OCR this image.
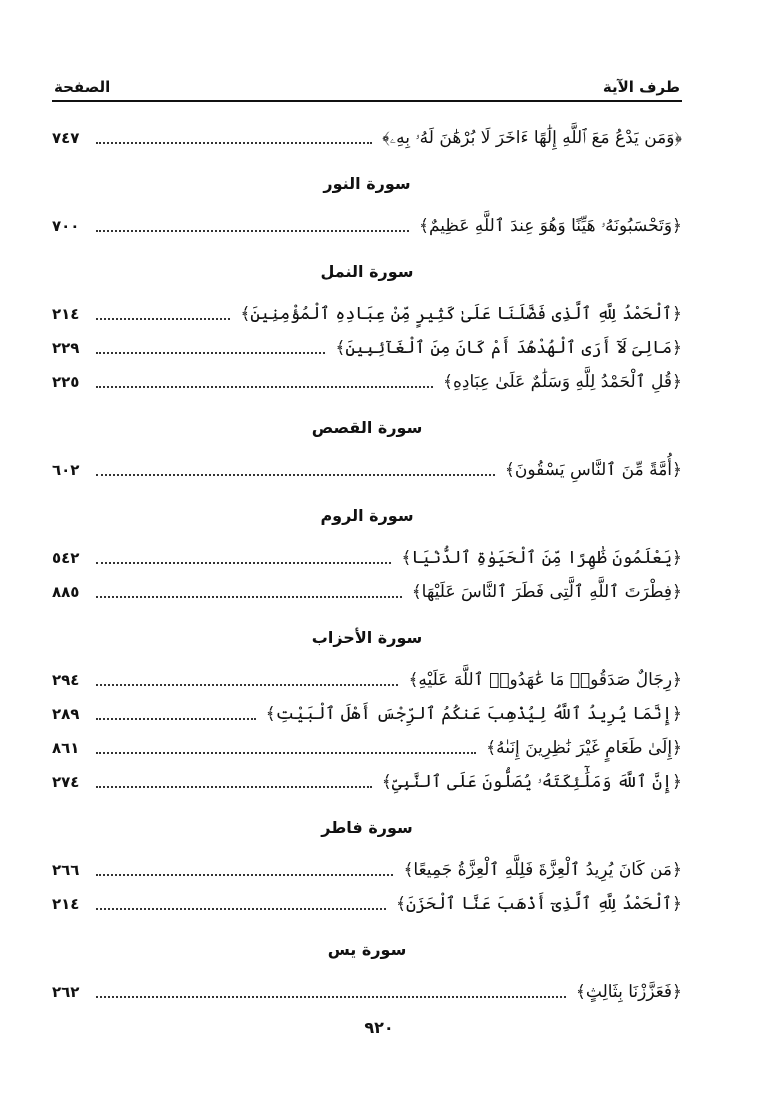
طرف الآية
الصفحة
﴿وَمَن يَدْعُ مَعَ ٱللَّهِ إِلَٰهًا ءَاخَرَ لَا بُرْهَٰنَ لَهُۥ بِهِۦ﴾
٧٤٧
سورة النور
﴿وَتَحْسَبُونَهُۥ هَيِّنًا وَهُوَ عِندَ ٱللَّهِ عَظِيمٌ﴾
٧٠٠
سورة النمل
﴿ٱلْحَمْدُ لِلَّهِ ٱلَّذِى فَضَّلَنَا عَلَىٰ كَثِيرٍ مِّنْ عِبَادِهِ ٱلْمُؤْمِنِينَ﴾
٢١٤
﴿مَالِىَ لَآ أَرَى ٱلْهُدْهُدَ أَمْ كَانَ مِنَ ٱلْغَآئِبِينَ﴾
٢٢٩
﴿قُلِ ٱلْحَمْدُ لِلَّهِ وَسَلَٰمٌ عَلَىٰ عِبَادِهِ﴾
٢٢٥
سورة القصص
﴿أُمَّةً مِّنَ ٱلنَّاسِ يَسْقُونَ﴾
٦٠٢
سورة الروم
﴿يَعْلَمُونَ ظَٰهِرًا مِّنَ ٱلْحَيَوٰةِ ٱلدُّنْيَا﴾
٥٤٢
﴿فِطْرَتَ ٱللَّهِ ٱلَّتِى فَطَرَ ٱلنَّاسَ عَلَيْهَا﴾
٨٨٥
سورة الأحزاب
﴿رِجَالٌ صَدَقُوا۟ مَا عَٰهَدُوا۟ ٱللَّهَ عَلَيْهِ﴾
٢٩٤
﴿إِنَّمَا يُرِيدُ ٱللَّهُ لِيُذْهِبَ عَنكُمُ ٱلرِّجْسَ أَهْلَ ٱلْبَيْتِ﴾
٢٨٩
﴿إِلَىٰ طَعَامٍ غَيْرَ نَٰظِرِينَ إِنَىٰهُ﴾
٨٦١
﴿إِنَّ ٱللَّهَ وَمَلَٰٓئِكَتَهُۥ يُصَلُّونَ عَلَى ٱلنَّبِىِّ﴾
٢٧٤
سورة فاطر
﴿مَن كَانَ يُرِيدُ ٱلْعِزَّةَ فَلِلَّهِ ٱلْعِزَّةُ جَمِيعًا﴾
٢٦٦
﴿ٱلْحَمْدُ لِلَّهِ ٱلَّذِىٓ أَذْهَبَ عَنَّا ٱلْحَزَنَ﴾
٢١٤
سورة يس
﴿فَعَزَّزْنَا بِثَالِثٍ﴾
٢٦٢
٩٢٠
